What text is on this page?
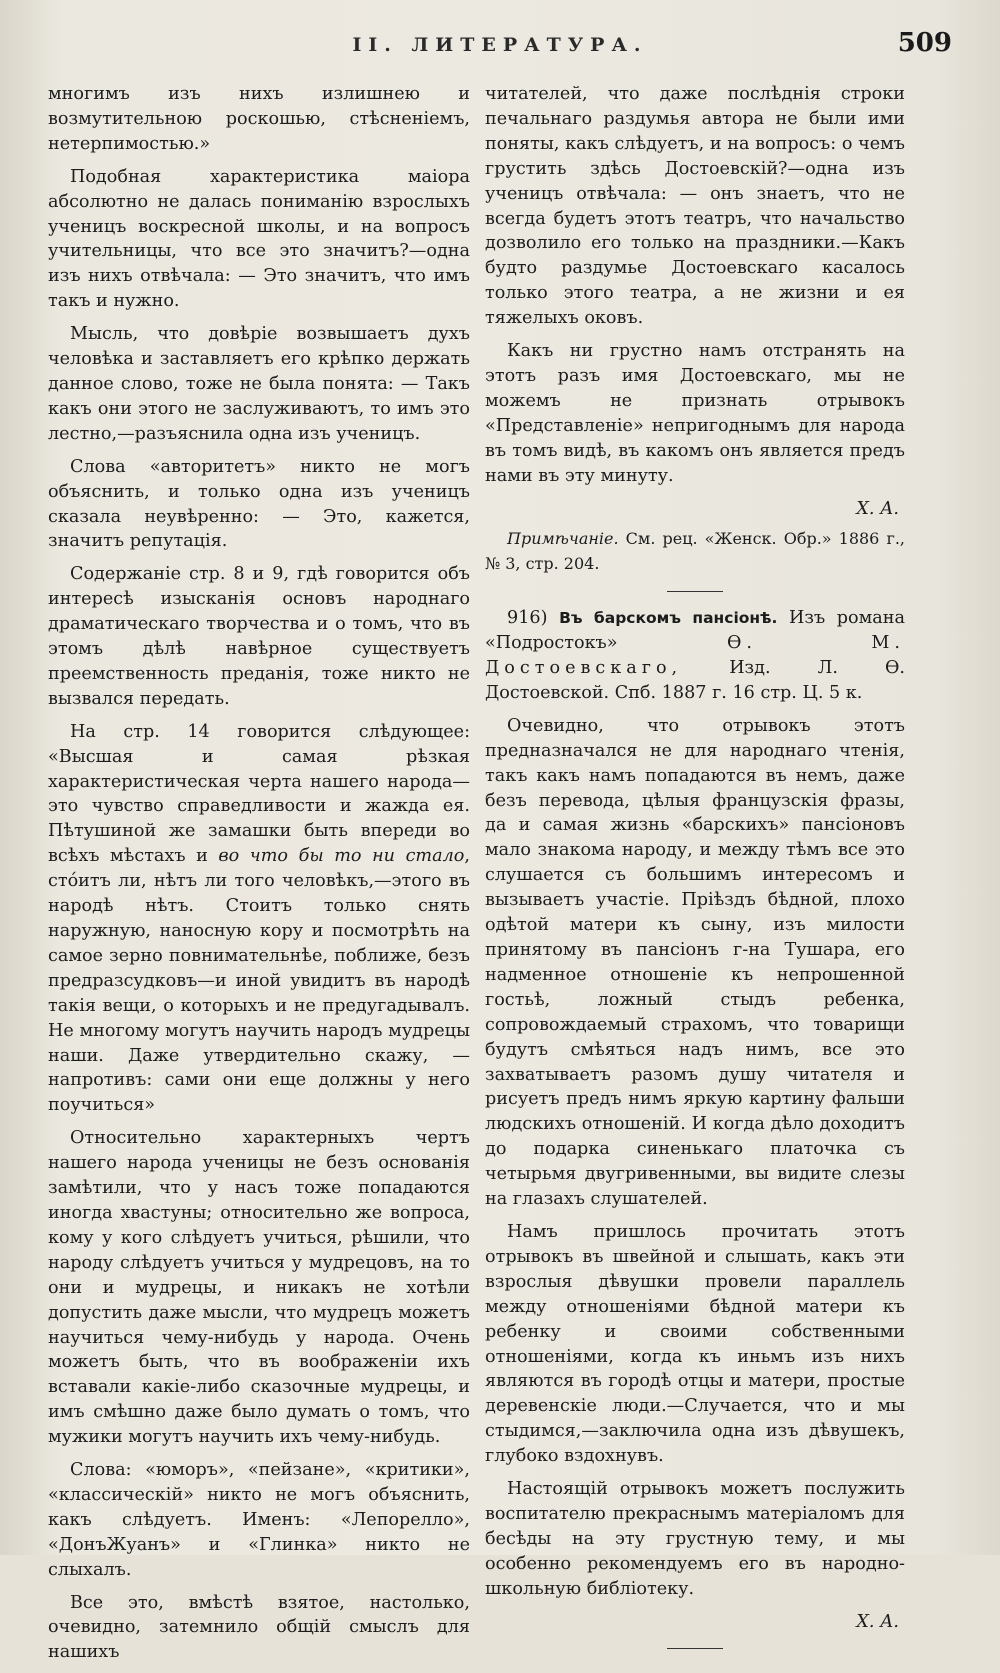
II. ЛИТЕРАТУРА.	509

многимъ изъ нихъ излишнею и возмутительною роскошью, стѣсненіемъ, нетерпимостью.»

Подобная характеристика маіора абсолютно не далась пониманію взрослыхъ ученицъ воскресной школы, и на вопросъ учительницы, что все это значитъ?—одна изъ нихъ отвѣчала: — Это значитъ, что имъ такъ и нужно.

Мысль, что довѣріе возвышаетъ духъ человѣка и заставляетъ его крѣпко держать данное слово, тоже не была понята: — Такъ какъ они этого не заслуживаютъ, то имъ это лестно,—разъяснила одна изъ ученицъ.

Слова «авторитетъ» никто не могъ объяснить, и только одна изъ ученицъ сказала неувѣренно: — Это, кажется, значитъ репутація.

Содержаніе стр. 8 и 9, гдѣ говорится объ интересѣ изысканія основъ народнаго драматическаго творчества и о томъ, что въ этомъ дѣлѣ навѣрное существуетъ преемственность преданія, тоже никто не вызвался передать.

На стр. 14 говорится слѣдующее: «Высшая и самая рѣзкая характеристическая черта нашего народа—это чувство справедливости и жажда ея. Пѣтушиной же замашки быть впереди во всѣхъ мѣстахъ и во что бы то ни стало, стóитъ ли, нѣтъ ли того человѣкъ,—этого въ народѣ нѣтъ. Стоитъ только снять наружную, наносную кору и посмотрѣть на самое зерно повнимательнѣе, поближе, безъ предразсудковъ—и иной увидитъ въ народѣ такія вещи, о которыхъ и не предугадывалъ. Не многому могутъ научить народъ мудрецы наши. Даже утвердительно скажу, — напротивъ: сами они еще должны у него поучиться»

Относительно характерныхъ чертъ нашего народа ученицы не безъ основанія замѣтили, что у насъ тоже попадаются иногда хвастуны; относительно же вопроса, кому у кого слѣдуетъ учиться, рѣшили, что народу слѣдуетъ учиться у мудрецовъ, на то они и мудрецы, и никакъ не хотѣли допустить даже мысли, что мудрецъ можетъ научиться чему-нибудь у народа. Очень можетъ быть, что въ воображеніи ихъ вставали какіе-либо сказочные мудрецы, и имъ смѣшно даже было думать о томъ, что мужики могутъ научить ихъ чему-нибудь.

Слова: «юморъ», «пейзане», «критики», «классическій» никто не могъ объяснить, какъ слѣдуетъ. Именъ: «Лепорелло», «ДонъЖуанъ» и «Глинка» никто не слыхалъ.

Все это, вмѣстѣ взятое, настолько, очевидно, затемнило общій смыслъ для нашихъ

читателей, что даже послѣднія строки печальнаго раздумья автора не были ими поняты, какъ слѣдуетъ, и на вопросъ: о чемъ грустить здѣсь Достоевскій?—одна изъ ученицъ отвѣчала: — онъ знаетъ, что не всегда будетъ этотъ театръ, что начальство дозволило его только на праздники.—Какъ будто раздумье Достоевскаго касалось только этого театра, а не жизни и ея тяжелыхъ оковъ.

Какъ ни грустно намъ отстранять на этотъ разъ имя Достоевскаго, мы не можемъ не признать отрывокъ «Представленіе» непригоднымъ для народа въ томъ видѣ, въ какомъ онъ является предъ нами въ эту минуту.

Х. А.

Примѣчаніе. См. рец. «Женск. Обр.» 1886 г., № 3, стр. 204.

916) Въ барскомъ пансіонѣ. Изъ романа «Подростокъ» Ѳ. М. Достоевскаго, Изд. Л. Ѳ. Достоевской. Спб. 1887 г. 16 стр. Ц. 5 к.

Очевидно, что отрывокъ этотъ предназначался не для народнаго чтенія, такъ какъ намъ попадаются въ немъ, даже безъ перевода, цѣлыя французскія фразы, да и самая жизнь «барскихъ» пансіоновъ мало знакома народу, и между тѣмъ все это слушается съ большимъ интересомъ и вызываетъ участіе. Пріѣздъ бѣдной, плохо одѣтой матери къ сыну, изъ милости принятому въ пансіонъ г-на Тушара, его надменное отношеніе къ непрошенной гостьѣ, ложный стыдъ ребенка, сопровождаемый страхомъ, что товарищи будутъ смѣяться надъ нимъ, все это захватываетъ разомъ душу читателя и рисуетъ предъ нимъ яркую картину фальши людскихъ отношеній. И когда дѣло доходитъ до подарка синенькаго платочка съ четырьмя двугривенными, вы видите слезы на глазахъ слушателей.

Намъ пришлось прочитать этотъ отрывокъ въ швейной и слышать, какъ эти взрослыя дѣвушки провели параллель между отношеніями бѣдной матери къ ребенку и своими собственными отношеніями, когда къ иньмъ изъ нихъ являются въ городѣ отцы и матери, простые деревенскіе люди.—Случается, что и мы стыдимся,—заключила одна изъ дѣвушекъ, глубоко вздохнувъ.

Настоящій отрывокъ можетъ послужить воспитателю прекраснымъ матеріаломъ для бесѣды на эту грустную тему, и мы особенно рекомендуемъ его въ народно-школьную библіотеку.

Х. А.
